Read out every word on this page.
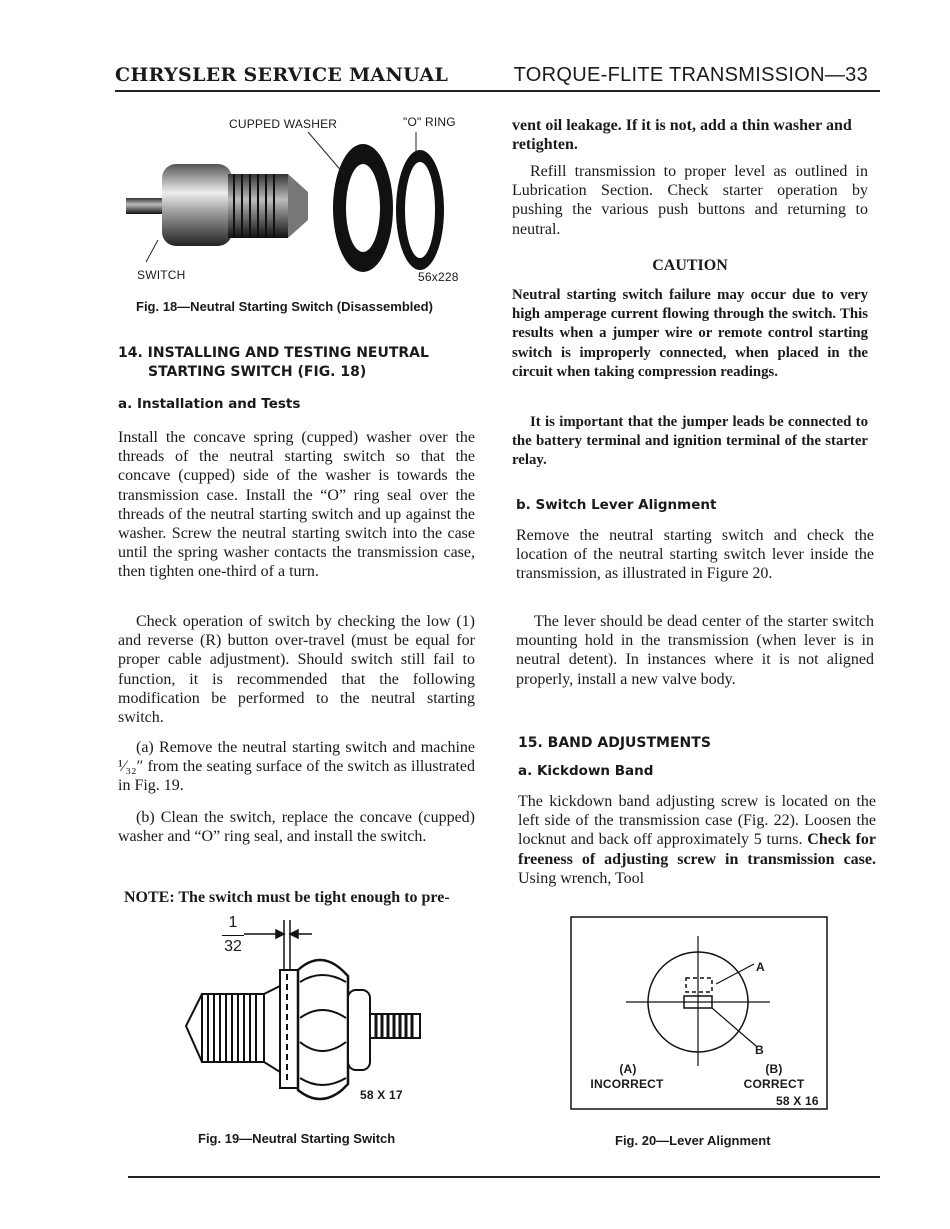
CHRYSLER SERVICE MANUAL	TORQUE-FLITE TRANSMISSION—33
CUPPED WASHER	"O" RING
SWITCH	56x228
Fig. 18—Neutral Starting Switch (Disassembled)
14. INSTALLING AND TESTING NEUTRAL
STARTING SWITCH (FIG. 18)
a. Installation and Tests

Install the concave spring (cupped) washer over the threads of the neutral starting switch so that the concave (cupped) side of the washer is towards the transmission case. Install the “O” ring seal over the threads of the neutral starting switch and up against the washer. Screw the neutral starting switch into the case until the spring washer contacts the transmission case, then tighten one-third of a turn.

Check operation of switch by checking the low (1) and reverse (R) button over-travel (must be equal for proper cable adjustment). Should switch still fail to function, it is recommended that the following modification be performed to the neutral starting switch.

(a) Remove the neutral starting switch and machine ¹⁄₃₂″ from the seating surface of the switch as illustrated in Fig. 19.

(b) Clean the switch, replace the concave (cupped) washer and “O” ring seal, and install the switch.

NOTE: The switch must be tight enough to pre-

1
32
58 X 17
Fig. 19—Neutral Starting Switch

vent oil leakage. If it is not, add a thin washer and retighten.

Refill transmission to proper level as outlined in Lubrication Section. Check starter operation by pushing the various push buttons and returning to neutral.

CAUTION

Neutral starting switch failure may occur due to very high amperage current flowing through the switch. This results when a jumper wire or remote control starting switch is improperly connected, when placed in the circuit when taking compression readings.

It is important that the jumper leads be connected to the battery terminal and ignition terminal of the starter relay.

b. Switch Lever Alignment

Remove the neutral starting switch and check the location of the neutral starting switch lever inside the transmission, as illustrated in Figure 20.

The lever should be dead center of the starter switch mounting hold in the transmission (when lever is in neutral detent). In instances where it is not aligned properly, install a new valve body.

15. BAND ADJUSTMENTS
a. Kickdown Band

The kickdown band adjusting screw is located on the left side of the transmission case (Fig. 22). Loosen the locknut and back off approximately 5 turns. Check for freeness of adjusting screw in transmission case. Using wrench, Tool

A
B
(A)
INCORRECT
(B)
CORRECT
58 X 16
Fig. 20—Lever Alignment
